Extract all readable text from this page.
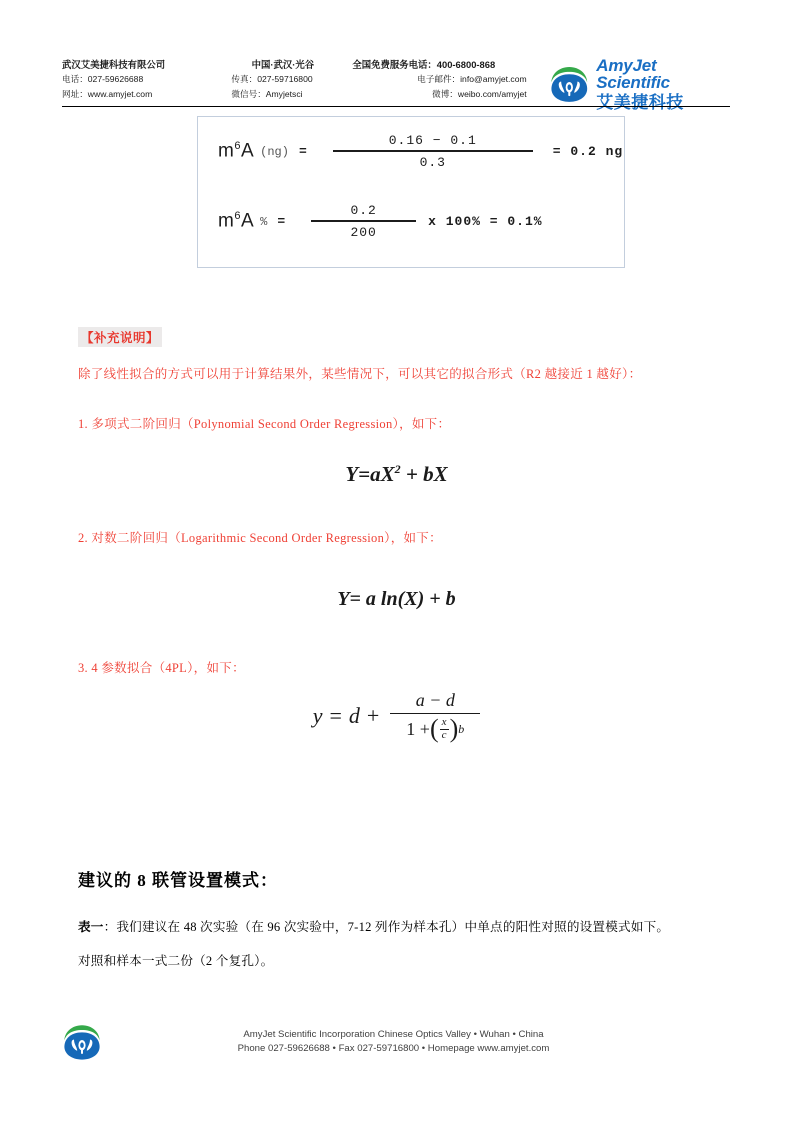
武汉艾美捷科技有限公司
电话：027-59626688
网址：www.amyjet.com
中国·武汉·光谷
传真：027-59716800
微信号：Amyjetsci
全国免费服务电话：400-6800-868
电子邮件：info@amyjet.com
微博：weibo.com/amyjet
AmyJet Scientific
艾美捷科技
$m^6A$ $(ng) = \frac{0.16 - 0.1}{0.3} = 0.2$ ng
$m^6A$ % = $\frac{0.2}{200}$ x 100% = 0.1%
【补充说明】
除了线性拟合的方式可以用于计算结果外，某些情况下，可以其它的拟合形式（R2 越接近 1 越好）：
1. 多项式二阶回归（Polynomial Second Order Regression），如下：
2. 对数二阶回归（Logarithmic Second Order Regression），如下：
3. 4 参数拟合（4PL），如下：
$Y=aX^2$ + bX
Y= a ln(X) + b
y = d +
a − d
1 + ( x
c ) b
建议的 8 联管设置模式：
表一：我们建议在 48 次实验（在 96 次实验中，7-12 列作为样本孔）中单点的阳性对照的设置模式如下。
对照和样本一式二份（2 个复孔）。
AmyJet Scientific Incorporation Chinese Optics Valley • Wuhan • China
Phone 027-59626688 • Fax 027-59716800 • Homepage www.amyjet.com
